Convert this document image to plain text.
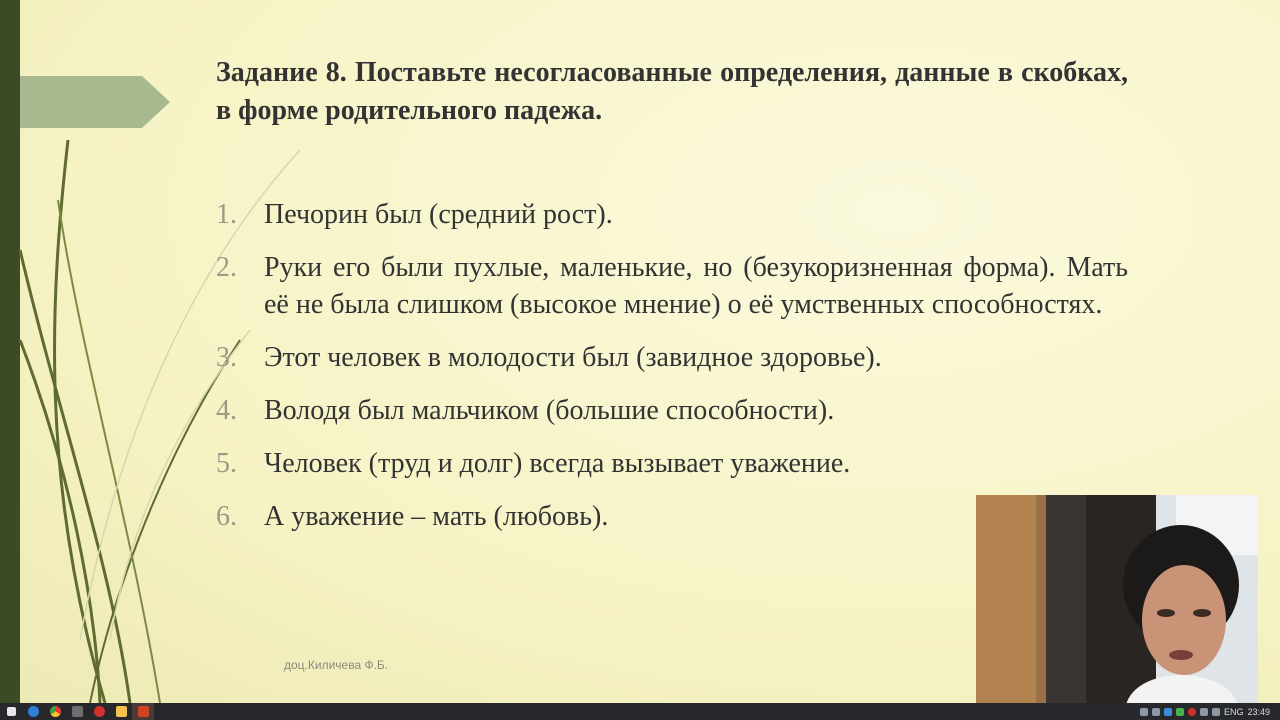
Задание 8. Поставьте несогласованные определения, данные в скобках, в форме родительного падежа.
1. Печорин был (средний рост).
2. Руки его были пухлые, маленькие, но (безукоризненная форма). Мать её не была слишком (высокое мнение) о её умственных способностях.
3. Этот человек в молодости был (завидное здоровье).
4. Володя был мальчиком (большие способности).
5. Человек (труд и долг) всегда вызывает уважение.
6. А уважение – мать (любовь).
доц.Киличева Ф.Б.
ENG 23:49
